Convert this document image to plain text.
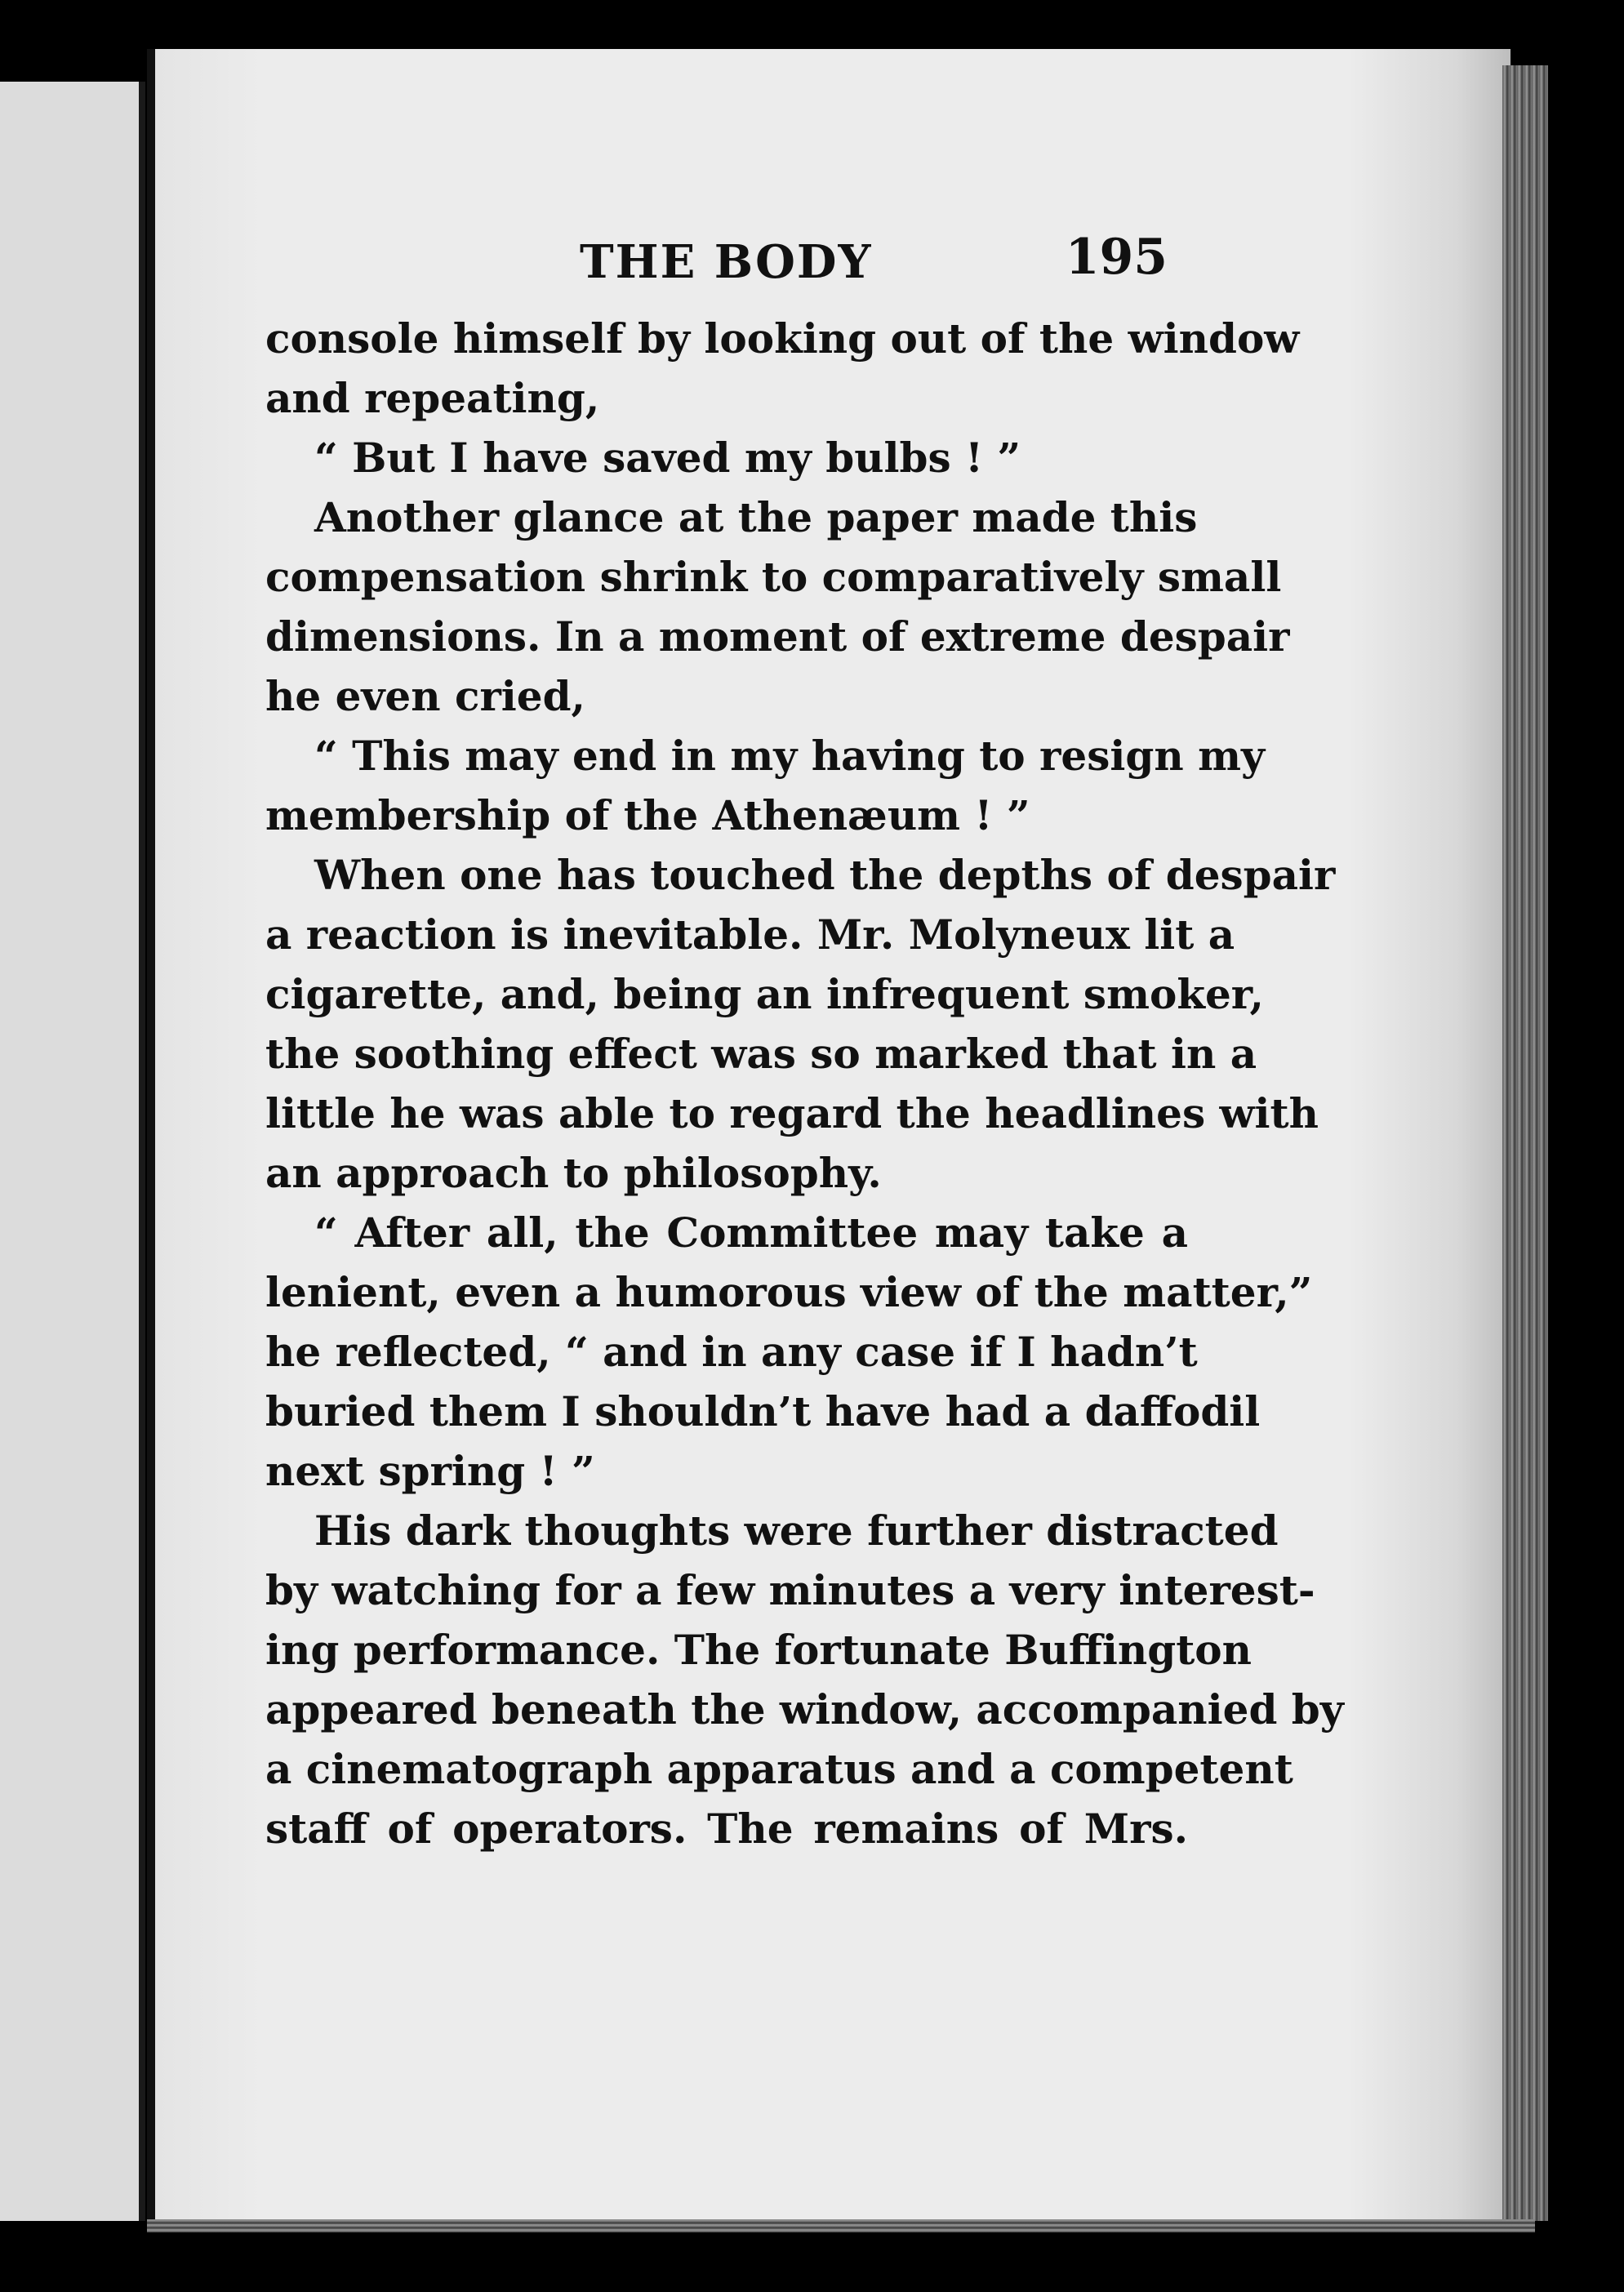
THE BODY	195
console himself by looking out of the window
and repeating,
“ But I have saved my bulbs ! ”
Another glance at the paper made this
compensation shrink to comparatively small
dimensions. In a moment of extreme despair
he even cried,
“ This may end in my having to resign my
membership of the Athenæum ! ”
When one has touched the depths of despair
a reaction is inevitable. Mr. Molyneux lit a
cigarette, and, being an infrequent smoker,
the soothing effect was so marked that in a
little he was able to regard the headlines with
an approach to philosophy.
“ After all, the Committee may take a
lenient, even a humorous view of the matter,”
he reflected, “ and in any case if I hadn’t
buried them I shouldn’t have had a daffodil
next spring ! ”
His dark thoughts were further distracted
by watching for a few minutes a very interest-
ing performance. The fortunate Buffington
appeared beneath the window, accompanied by
a cinematograph apparatus and a competent
staff of operators. The remains of Mrs.
